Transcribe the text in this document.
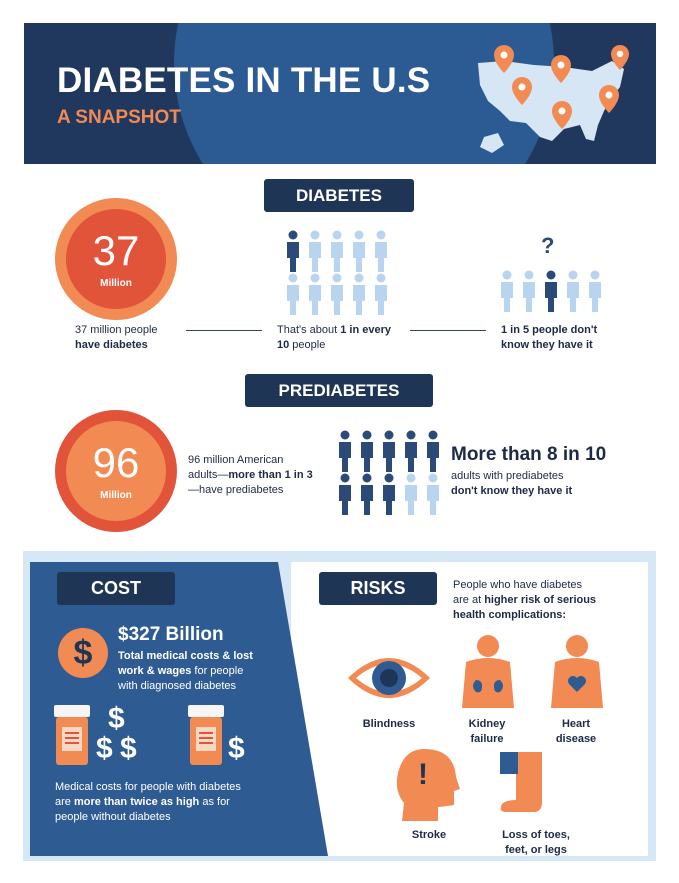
DIABETES IN THE U.S
A SNAPSHOT
DIABETES
37
Million
?
37 million people
have diabetes
That's about 1 in every
10 people
1 in 5 people don't
know they have it
PREDIABETES
96
Million
96 million American
adults—more than 1 in 3
—have prediabetes
More than 8 in 10
adults with prediabetes
don't know they have it
COST
$	$327 Billion
Total medical costs & lost
work & wages for people
with diagnosed diabetes
$
$ $	$
Medical costs for people with diabetes
are more than twice as high as for
people without diabetes
RISKS	People who have diabetes
are at higher risk of serious
health complications:
Blindness	Kidney
failure
Heart
disease
!
Stroke	Loss of toes,
feet, or legs
